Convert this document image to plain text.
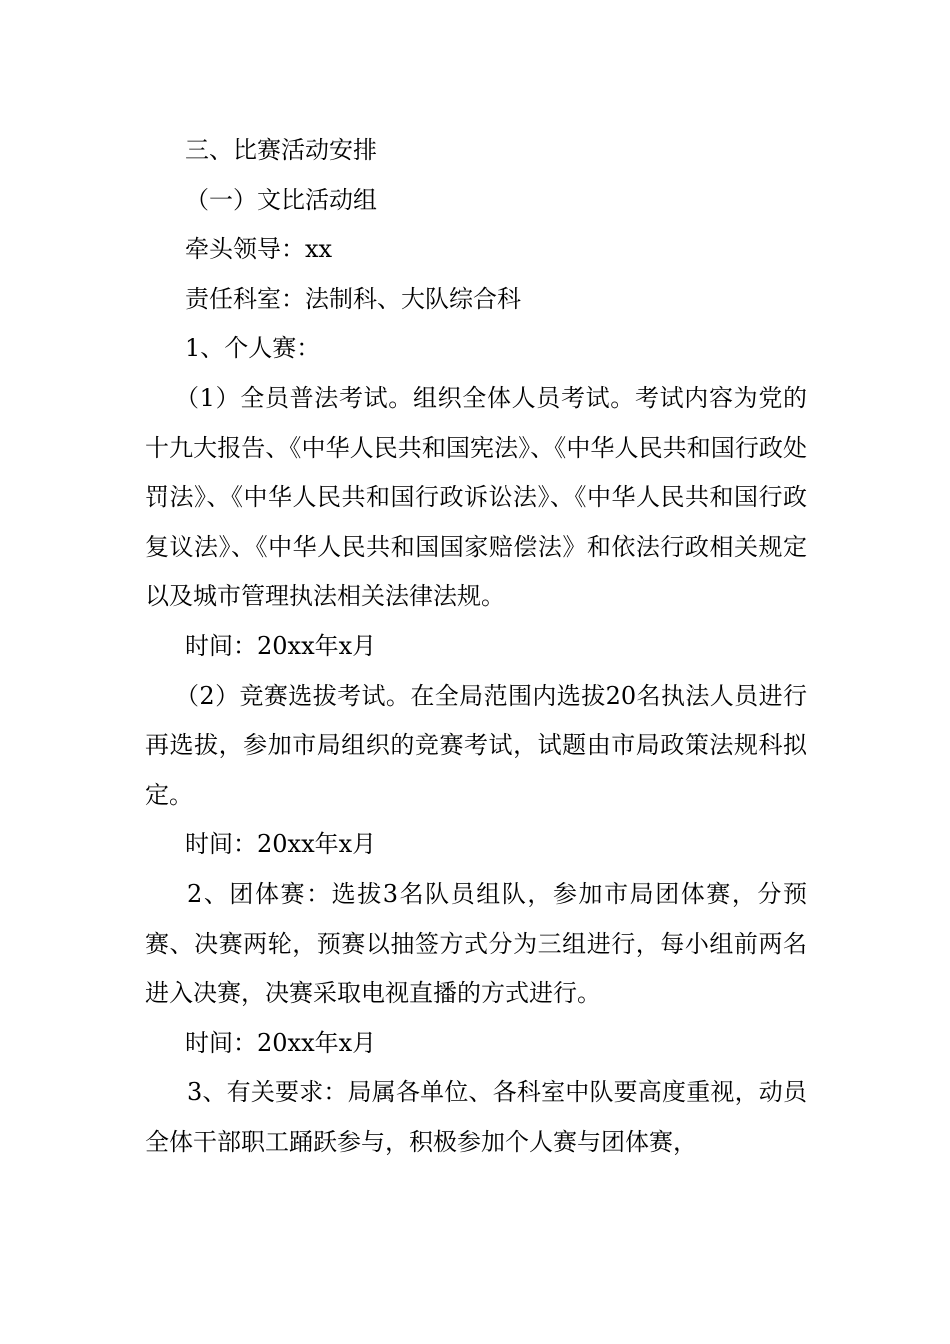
三、比赛活动安排

（一）文比活动组

牵头领导：xx

责任科室：法制科、大队综合科

1、个人赛：

（1）全员普法考试。组织全体人员考试。考试内容为党的十九大报告、《中华人民共和国宪法》、《中华人民共和国行政处罚法》、《中华人民共和国行政诉讼法》、《中华人民共和国行政复议法》、《中华人民共和国国家赔偿法》和依法行政相关规定以及城市管理执法相关法律法规。

时间：20xx年x月

（2）竞赛选拔考试。在全局范围内选拔20名执法人员进行再选拔，参加市局组织的竞赛考试，试题由市局政策法规科拟定。

时间：20xx年x月

2、团体赛：选拔3名队员组队，参加市局团体赛，分预赛、决赛两轮，预赛以抽签方式分为三组进行，每小组前两名进入决赛，决赛采取电视直播的方式进行。

时间：20xx年x月

3、有关要求：局属各单位、各科室中队要高度重视，动员全体干部职工踊跃参与，积极参加个人赛与团体赛，
